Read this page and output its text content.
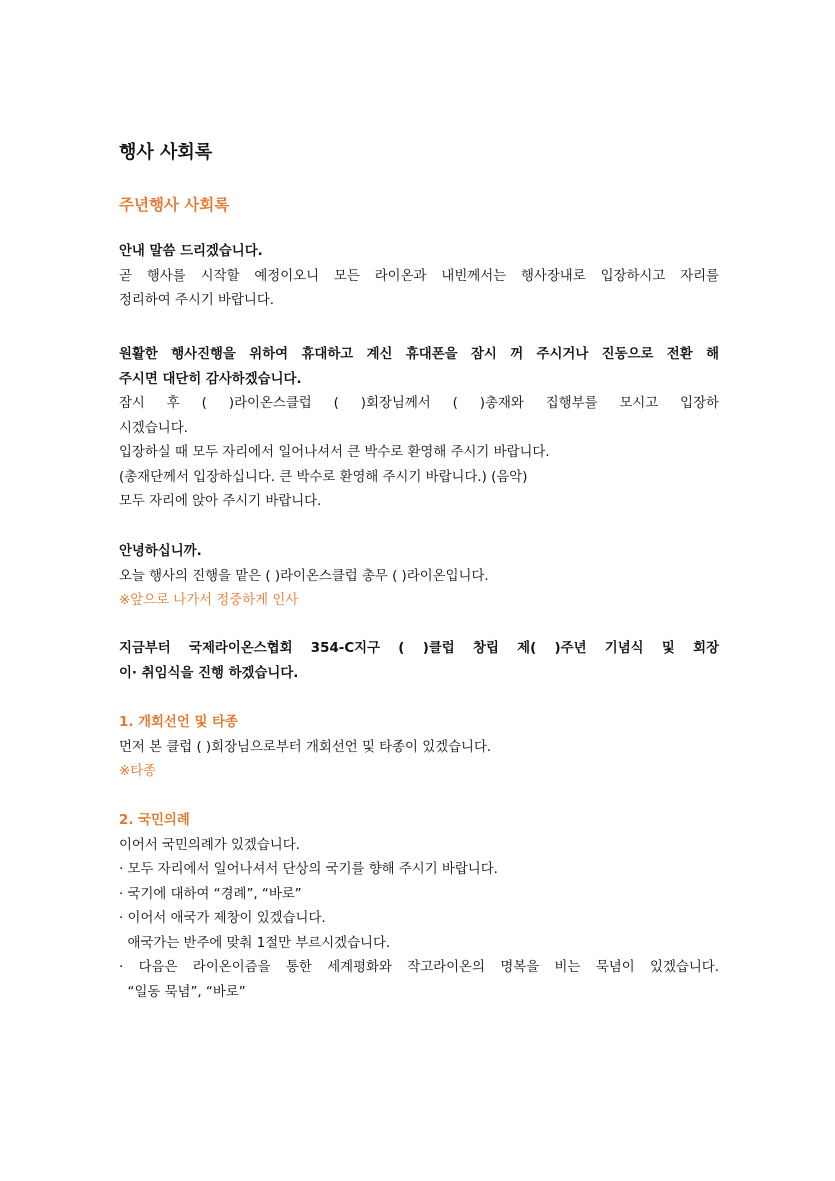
행사 사회록
주년행사 사회록
안내 말씀 드리겠습니다.
곧 행사를 시작할 예정이오니 모든 라이온과 내빈께서는 행사장내로 입장하시고 자리를
정리하여 주시기 바랍니다.
원활한 행사진행을 위하여 휴대하고 계신 휴대폰을 잠시 꺼 주시거나 진동으로 전환 해
주시면 대단히 감사하겠습니다.
잠시 후 ( )라이온스클럽 ( )회장님께서 ( )총재와 집행부를 모시고 입장하
시겠습니다.
입장하실 때 모두 자리에서 일어나셔서 큰 박수로 환영해 주시기 바랍니다.
(총재단께서 입장하십니다. 큰 박수로 환영해 주시기 바랍니다.) (음악)
모두 자리에 앉아 주시기 바랍니다.
안녕하십니까.
오늘 행사의 진행을 맡은 ( )라이온스클럽 총무 ( )라이온입니다.
※앞으로 나가서 정중하게 인사
지금부터 국제라이온스협회 354-C지구 ( )클럽 창립 제( )주년 기념식 및 회장
이· 취임식을 진행 하겠습니다.
1. 개회선언 및 타종
먼저 본 클럽 ( )회장님으로부터 개회선언 및 타종이 있겠습니다.
※타종
2. 국민의례
이어서 국민의례가 있겠습니다.
· 모두 자리에서 일어나셔서 단상의 국기를 향해 주시기 바랍니다.
· 국기에 대하여 “경례”, “바로”
· 이어서 애국가 제창이 있겠습니다.
애국가는 반주에 맞춰 1절만 부르시겠습니다.
· 다음은 라이온이즘을 통한 세계평화와 작고라이온의 명복을 비는 묵념이 있겠습니다.
“일동 묵념”, “바로”
